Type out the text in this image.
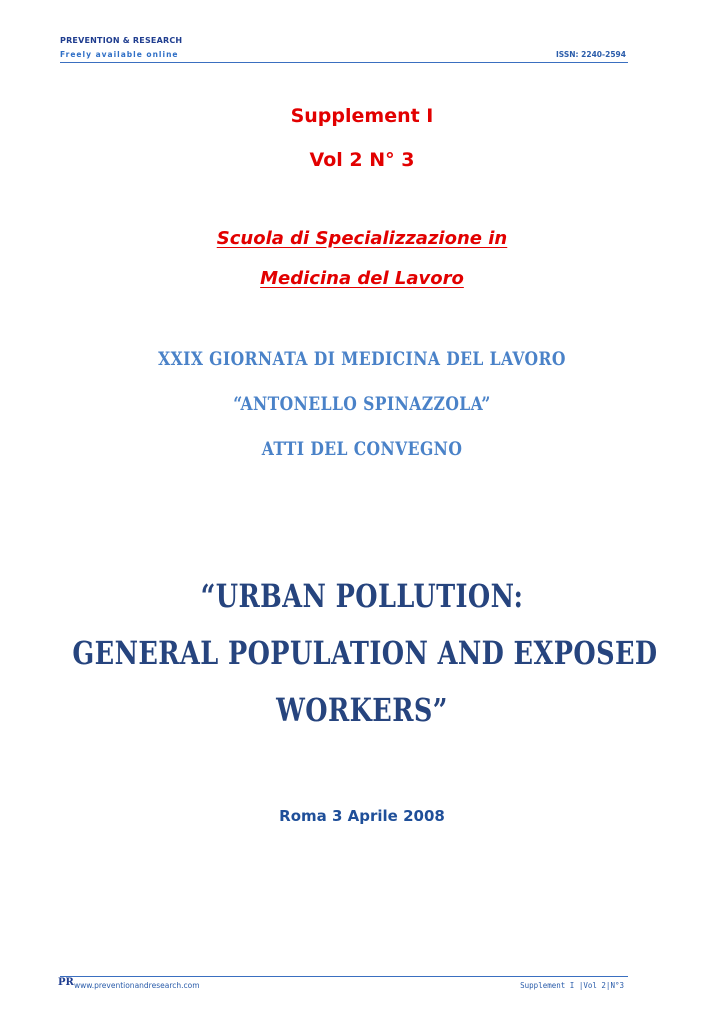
PREVENTION & RESEARCH
Freely available online	ISSN: 2240-2594
Supplement I
Vol 2 N° 3
Scuola di Specializzazione in
Medicina del Lavoro
XXIX GIORNATA DI MEDICINA DEL LAVORO
“ANTONELLO SPINAZZOLA”
ATTI DEL CONVEGNO
“URBAN POLLUTION:
GENERAL POPULATION AND EXPOSED
WORKERS”
Roma 3 Aprile 2008
PR www.preventionandresearch.com	Supplement I |Vol 2|N°3
